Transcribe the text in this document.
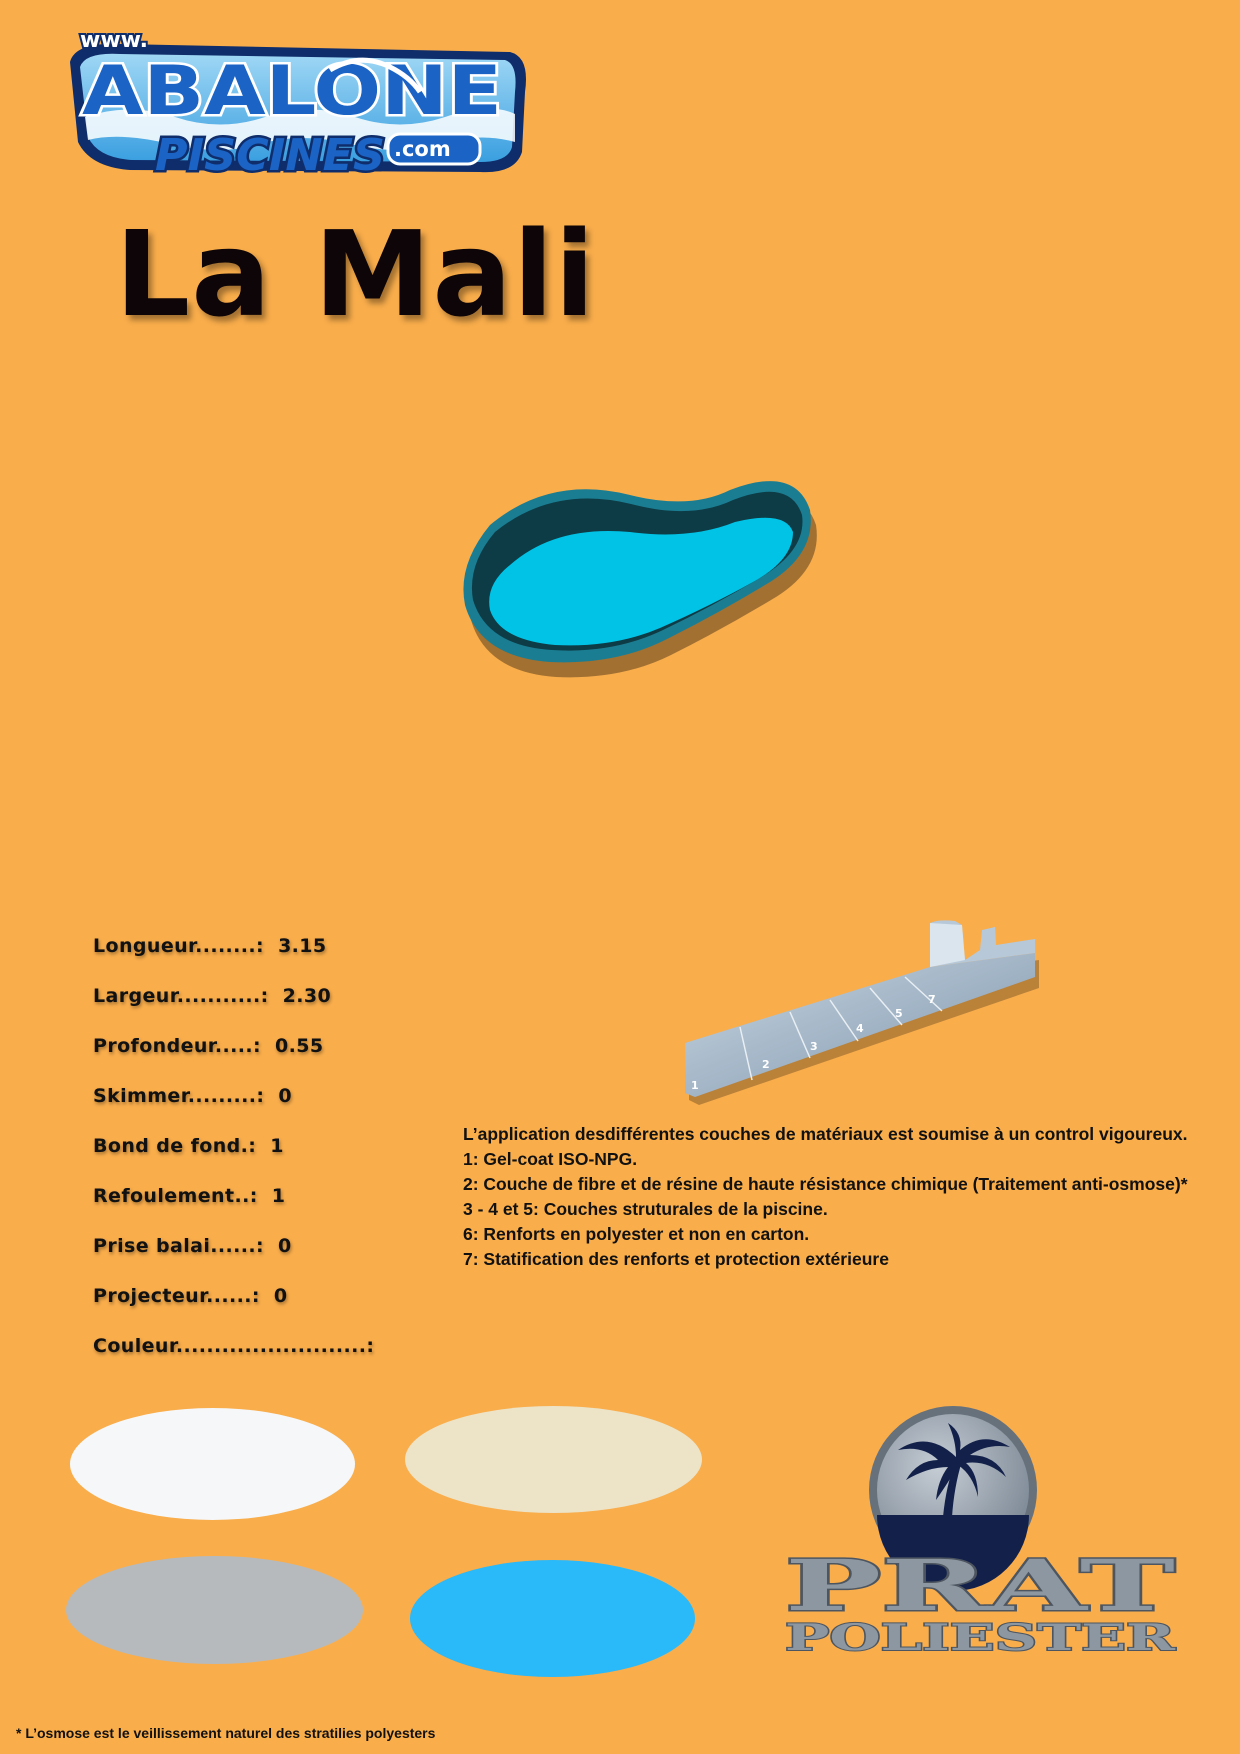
www.
ABALONE
PISCINES .com
La Mali
Longueur........: 3.15
Largeur...........: 2.30
Profondeur.....: 0.55
Skimmer.........: 0
Bond de fond.: 1
Refoulement..: 1
Prise balai......: 0
Projecteur......: 0
Couleur.........................:
1
2
3
4
5
7
L’application desdifférentes couches de matériaux est soumise à un control vigoureux.
1: Gel-coat ISO-NPG.
2: Couche de fibre et de résine de haute résistance chimique (Traitement anti-osmose)*
3 - 4 et 5: Couches struturales de la piscine.
6: Renforts en polyester et non en carton.
7: Statification des renforts et protection extérieure
PRAT
POLIESTER
* L’osmose est le veillissement naturel des stratilies polyesters
